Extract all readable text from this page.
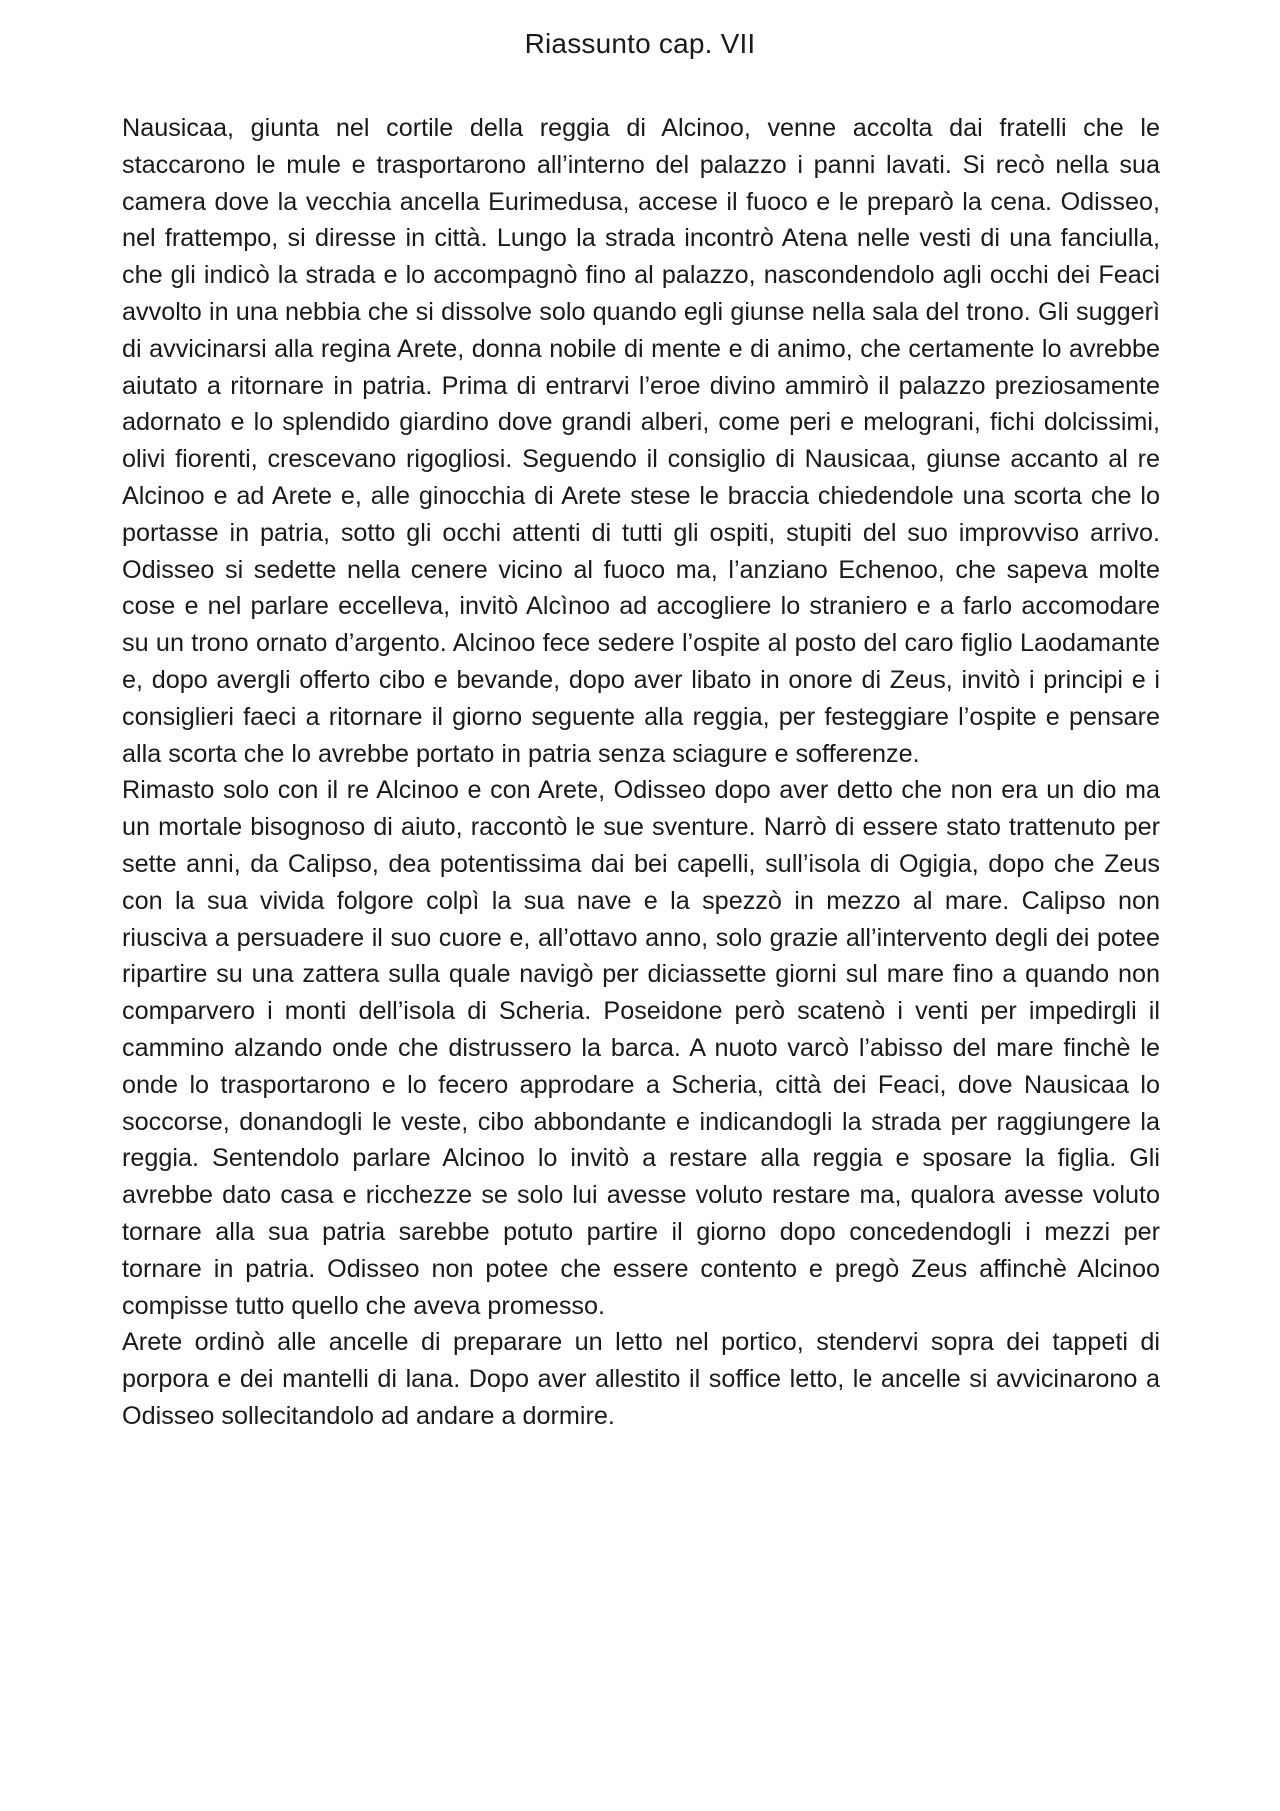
Riassunto cap. VII

Nausicaa, giunta nel cortile della reggia di Alcinoo, venne accolta dai fratelli che le staccarono le mule e trasportarono all’interno del palazzo i panni lavati. Si recò nella sua camera dove la vecchia ancella Eurimedusa, accese il fuoco e le preparò la cena. Odisseo, nel frattempo, si diresse in città. Lungo la strada incontrò Atena nelle vesti di una fanciulla, che gli indicò la strada e lo accompagnò fino al palazzo, nascondendolo agli occhi dei Feaci avvolto in una nebbia che si dissolve solo quando egli giunse nella sala del trono. Gli suggerì di avvicinarsi alla regina Arete, donna nobile di mente e di animo, che certamente lo avrebbe aiutato a ritornare in patria. Prima di entrarvi l’eroe divino ammirò il palazzo preziosamente adornato e lo splendido giardino dove grandi alberi, come peri e melograni, fichi dolcissimi, olivi fiorenti, crescevano rigogliosi. Seguendo il consiglio di Nausicaa, giunse accanto al re Alcinoo e ad Arete e, alle ginocchia di Arete stese le braccia chiedendole una scorta che lo portasse in patria, sotto gli occhi attenti di tutti gli ospiti, stupiti del suo improvviso arrivo. Odisseo si sedette nella cenere vicino al fuoco ma, l’anziano Echenoo, che sapeva molte cose e nel parlare eccelleva, invitò Alcìnoo ad accogliere lo straniero e a farlo accomodare su un trono ornato d’argento. Alcinoo fece sedere l’ospite al posto del caro figlio Laodamante e, dopo avergli offerto cibo e bevande, dopo aver libato in onore di Zeus, invitò i principi e i consiglieri faeci a ritornare il giorno seguente alla reggia, per festeggiare l’ospite e pensare alla scorta che lo avrebbe portato in patria senza sciagure e sofferenze.

Rimasto solo con il re Alcinoo e con Arete, Odisseo dopo aver detto che non era un dio ma un mortale bisognoso di aiuto, raccontò le sue sventure. Narrò di essere stato trattenuto per sette anni, da Calipso, dea potentissima dai bei capelli, sull’isola di Ogigia, dopo che Zeus con la sua vivida folgore colpì la sua nave e la spezzò in mezzo al mare. Calipso non riusciva a persuadere il suo cuore e, all’ottavo anno, solo grazie all’intervento degli dei potee ripartire su una zattera sulla quale navigò per diciassette giorni sul mare fino a quando non comparvero i monti dell’isola di Scheria. Poseidone però scatenò i venti per impedirgli il cammino alzando onde che distrussero la barca. A nuoto varcò l’abisso del mare finchè le onde lo trasportarono e lo fecero approdare a Scheria, città dei Feaci, dove Nausicaa lo soccorse, donandogli le veste, cibo abbondante e indicandogli la strada per raggiungere la reggia. Sentendolo parlare Alcinoo lo invitò a restare alla reggia e sposare la figlia. Gli avrebbe dato casa e ricchezze se solo lui avesse voluto restare ma, qualora avesse voluto tornare alla sua patria sarebbe potuto partire il giorno dopo concedendogli i mezzi per tornare in patria. Odisseo non potee che essere contento e pregò Zeus affinchè Alcinoo compisse tutto quello che aveva promesso.

Arete ordinò alle ancelle di preparare un letto nel portico, stendervi sopra dei tappeti di porpora e dei mantelli di lana. Dopo aver allestito il soffice letto, le ancelle si avvicinarono a Odisseo sollecitandolo ad andare a dormire.
